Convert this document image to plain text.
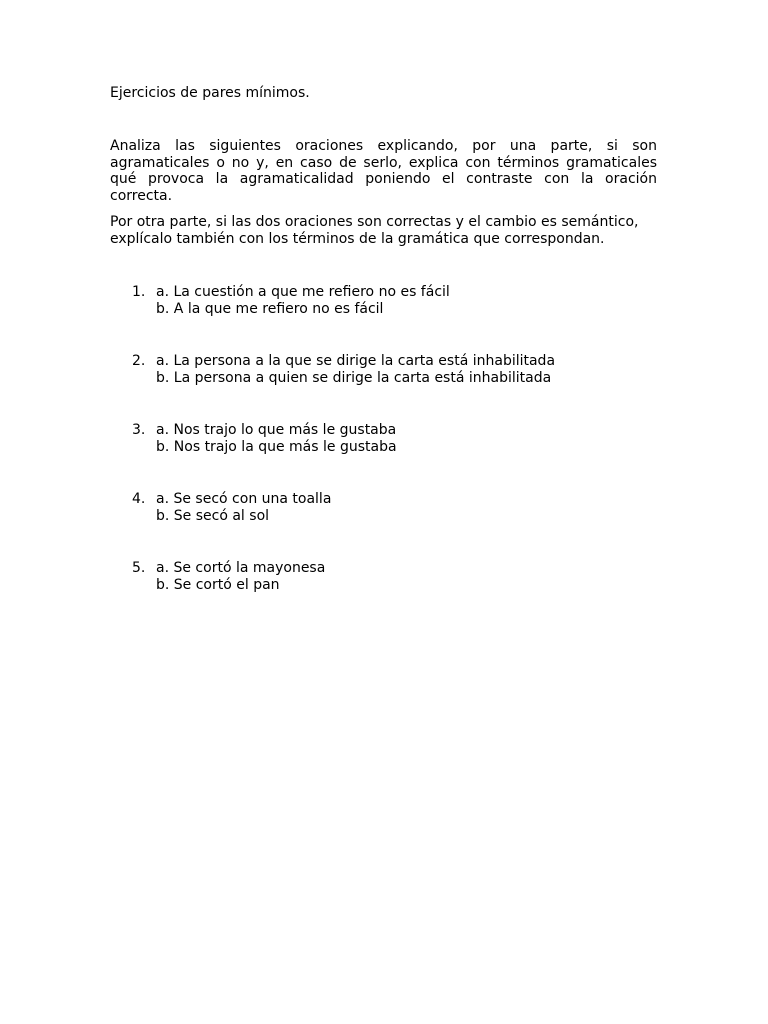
Ejercicios de pares mínimos.

Analiza las siguientes oraciones explicando, por una parte, si son agramaticales o no y, en caso de serlo, explica con términos gramaticales qué provoca la agramaticalidad poniendo el contraste con la oración correcta.

Por otra parte, si las dos oraciones son correctas y el cambio es semántico, explícalo también con los términos de la gramática que correspondan.

1. a. La cuestión a que me refiero no es fácil
b. A la que me refiero no es fácil
2. a. La persona a la que se dirige la carta está inhabilitada
b. La persona a quien se dirige la carta está inhabilitada
3. a. Nos trajo lo que más le gustaba
b. Nos trajo la que más le gustaba
4. a. Se secó con una toalla
b. Se secó al sol
5. a. Se cortó la mayonesa
b. Se cortó el pan
